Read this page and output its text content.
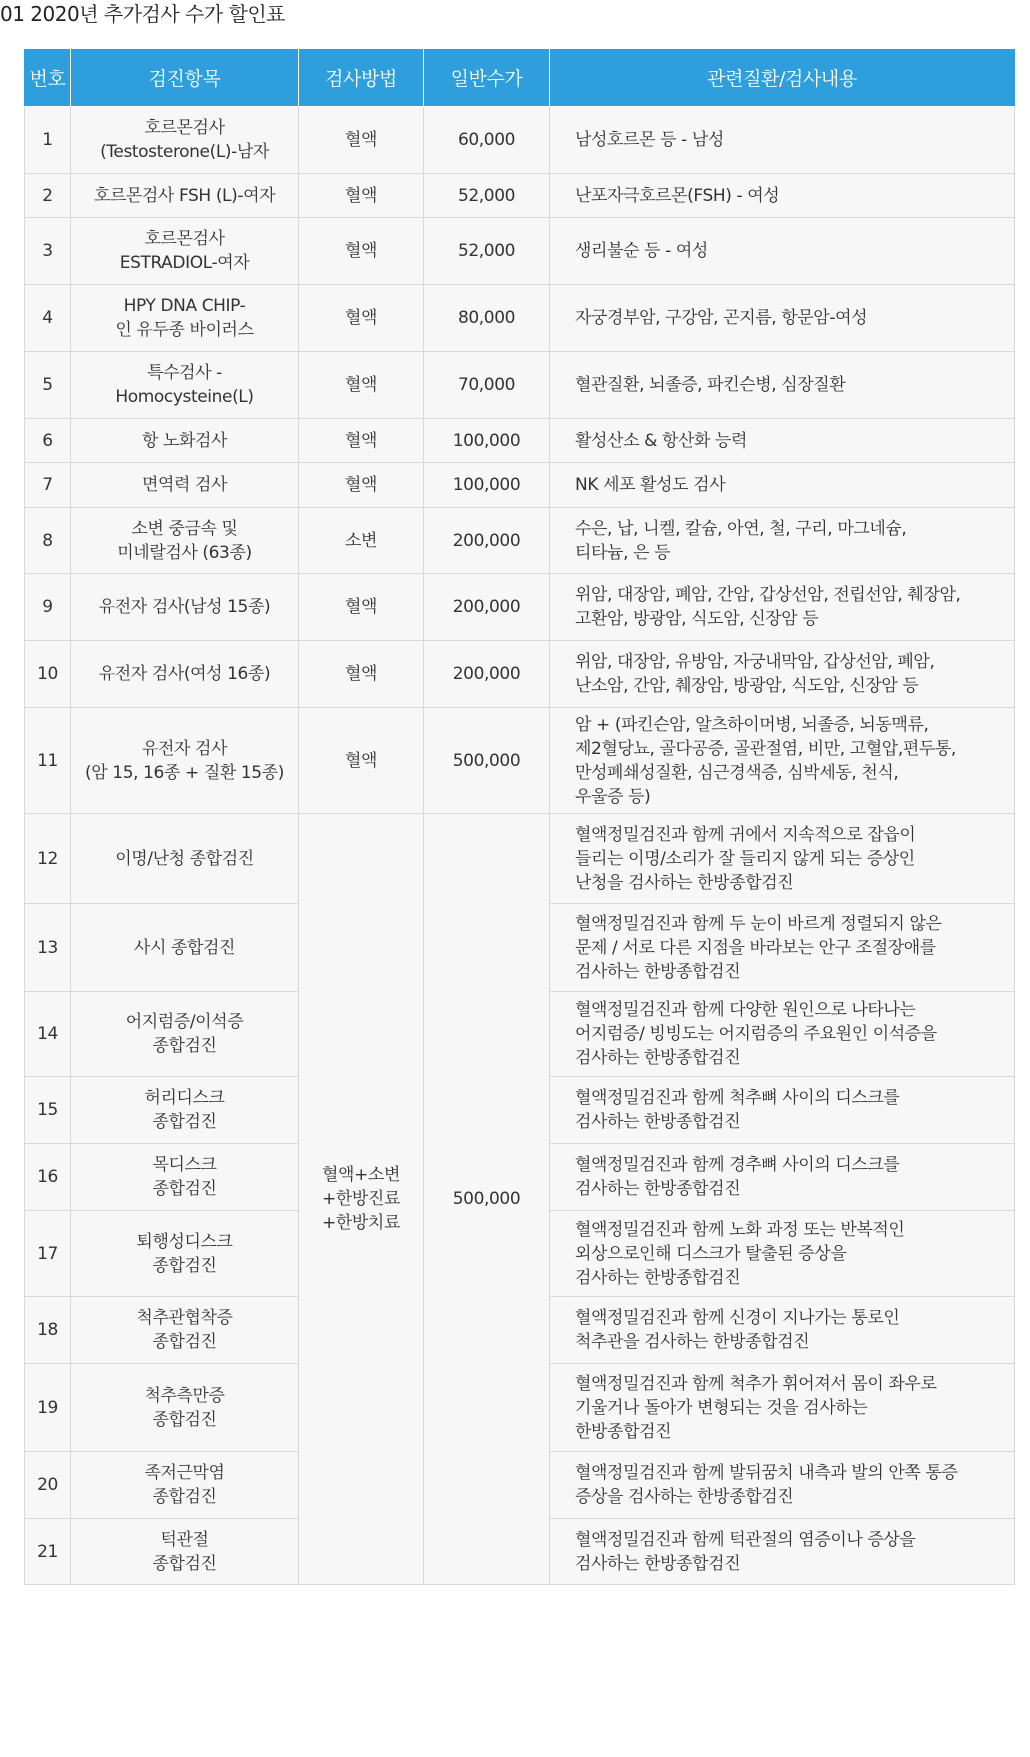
01 2020년 추가검사 수가 할인표
번호	검진항목	검사방법	일반수가	관련질환/검사내용
1	호르몬검사
(Testosterone(L)-남자	혈액	60,000	남성호르몬 등 - 남성

2	호르몬검사 FSH (L)-여자	혈액	52,000	난포자극호르몬(FSH) - 여성

3	호르몬검사
ESTRADIOL-여자	혈액	52,000	생리불순 등 - 여성

4	HPY DNA CHIP-
인 유두종 바이러스	혈액	80,000	자궁경부암, 구강암, 곤지름, 항문암-여성

5	특수검사 -
Homocysteine(L)	혈액	70,000	혈관질환, 뇌졸증, 파킨슨병, 심장질환

6	항 노화검사	혈액	100,000	활성산소 & 항산화 능력

7	면역력 검사	혈액	100,000	NK 세포 활성도 검사

8	소변 중금속 및
미네랄검사 (63종)	소변	200,000	수은, 납, 니켈, 칼슘, 아연, 철, 구리, 마그네슘,
티타늄, 은 등

9	유전자 검사(남성 15종)	혈액	200,000	위암, 대장암, 폐암, 간암, 갑상선암, 전립선암, 췌장암,
고환암, 방광암, 식도암, 신장암 등

10	유전자 검사(여성 16종)	혈액	200,000	위암, 대장암, 유방암, 자궁내막암, 갑상선암, 폐암,
난소암, 간암, 췌장암, 방광암, 식도암, 신장암 등

11	유전자 검사
(암 15, 16종 + 질환 15종)	혈액	500,000	암 + (파킨슨암, 알츠하이머병, 뇌졸증, 뇌동맥류,
제2혈당뇨, 골다공증, 골관절염, 비만, 고혈압,편두통,
만성폐쇄성질환, 심근경색증, 심박세동, 천식,
우울증 등)

12	이명/난청 종합검진	혈액+소변
+한방진료
+한방치료	500,000	혈액정밀검진과 함께 귀에서 지속적으로 잡읍이
들리는 이명/소리가 잘 들리지 않게 되는 증상인
난청을 검사하는 한방종합검진

13	사시 종합검진			혈액정밀검진과 함께 두 눈이 바르게 정렬되지 않은
문제 / 서로 다른 지점을 바라보는 안구 조절장애를
검사하는 한방종합검진

14	어지럼증/이석증
종합검진			혈액정밀검진과 함께 다양한 원인으로 나타나는
어지럼증/ 빙빙도는 어지럼증의 주요원인 이석증을
검사하는 한방종합검진

15	허리디스크
종합검진			혈액정밀검진과 함께 척추뼈 사이의 디스크를
검사하는 한방종합검진

16	목디스크
종합검진			혈액정밀검진과 함께 경추뼈 사이의 디스크를
검사하는 한방종합검진

17	퇴행성디스크
종합검진			혈액정밀검진과 함께 노화 과정 또는 반복적인
외상으로인해 디스크가 탈출된 증상을
검사하는 한방종합검진

18	척추관협착증
종합검진			혈액정밀검진과 함께 신경이 지나가는 통로인
척추관을 검사하는 한방종합검진

19	척추측만증
종합검진			혈액정밀검진과 함께 척추가 휘어져서 몸이 좌우로
기울거나 돌아가 변형되는 것을 검사하는
한방종합검진

20	족저근막염
종합검진			혈액정밀검진과 함께 발뒤꿈치 내측과 발의 안쪽 통증
증상을 검사하는 한방종합검진

21	턱관절
종합검진			혈액정밀검진과 함께 턱관절의 염증이나 증상을
검사하는 한방종합검진
